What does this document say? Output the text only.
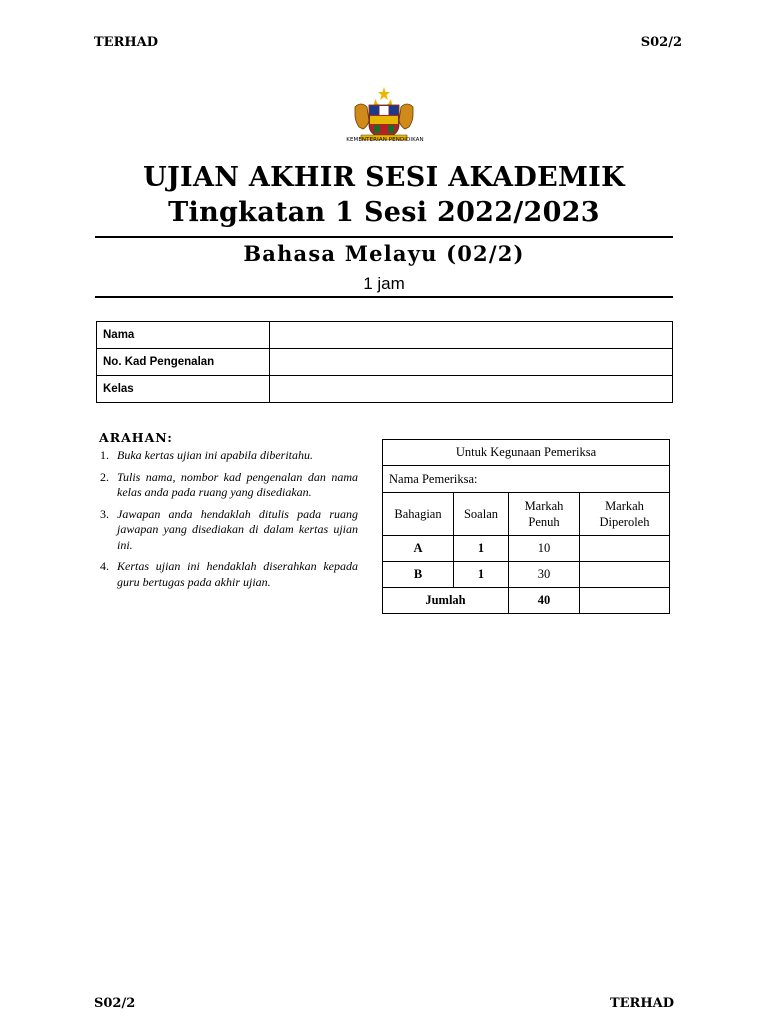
TERHAD	S02/2
KEMENTERIAN PENDIDIKAN
UJIAN AKHIR SESI AKADEMIK
Tingkatan 1 Sesi 2022/2023
Bahasa Melayu (02/2)
1 jam
Nama	
No. Kad Pengenalan	
Kelas	
ARAHAN:
1. Buka kertas ujian ini apabila diberitahu.
2. Tulis nama, nombor kad pengenalan dan nama kelas anda pada ruang yang disediakan.
3. Jawapan anda hendaklah ditulis pada ruang jawapan yang disediakan di dalam kertas ujian ini.
4. Kertas ujian ini hendaklah diserahkan kepada guru bertugas pada akhir ujian.
Untuk Kegunaan Pemeriksa			
Nama Pemeriksa:			
Bahagian	Soalan	Markah Penuh	Markah Diperoleh
A	1	10	
B	1	30	
Jumlah		40	
S02/2	TERHAD
